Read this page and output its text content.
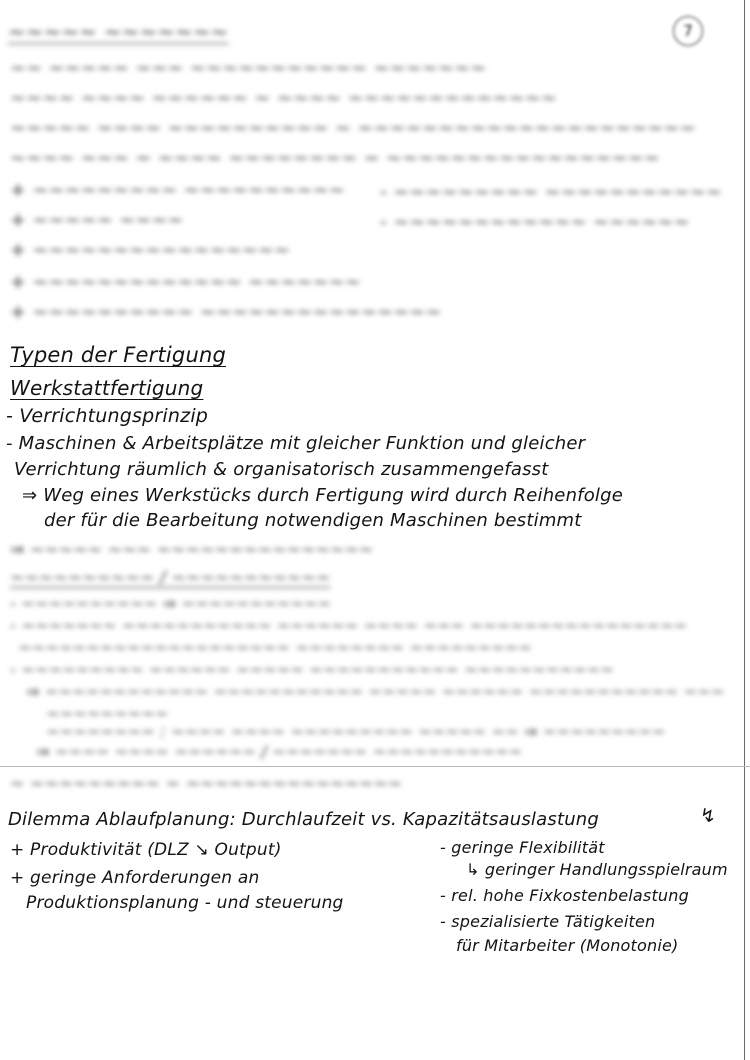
7
~~~~~ ~~~~~~~
~~ ~~~~~ ~~~ ~~~~~~~~~~~ ~~~~~~~
~~~~ ~~~~ ~~~~~~ ~ ~~~~ ~~~~~~~~~~~~~
~~~~~ ~~~~ ~~~~~~~~~~ ~ ~~~~~~~~~~~~~~~~~~~~~
~~~~ ~~~ ~ ~~~~ ~~~~~~~~ ~ ~~~~~~~~~~~~~~~~~
+ ~~~~~~~~~ ~~~~~~~~~~ - ~~~~~~~~~ ~~~~~~~~~~~
+ ~~~~~ ~~~~	- ~~~~~~~~~~~~ ~~~~~~
+ ~~~~~~~~~~~~~~~~
+ ~~~~~~~~~~~~~ ~~~~~~~
+ ~~~~~~~~~~ ~~~~~~~~~~~~~~~
Typen der Fertigung
Werkstattfertigung
- Verrichtungsprinzip
- Maschinen & Arbeitsplätze mit gleicher Funktion und gleicher
Verrichtung räumlich & organisatorisch zusammengefasst
⇒ Weg eines Werkstücks durch Fertigung wird durch Reihenfolge
der für die Bearbeitung notwendigen Maschinen bestimmt
⇒ ~~~~~ ~~~ ~~~~~~~~~~~~~~~
~~~~~~~~~~ / ~~~~~~~~~~~
- ~~~~~~~~~~ ⇒ ~~~~~~~~~~~
- ~~~~~~~ ~~~~~~~~~~~ ~~~~~~ ~~~~ ~~~ ~~~~~~~~~~~~~~~~
~~~~~~~~~~~~~~~~~~~~ ~~~~~~~~ ~~~~~~~~~
- ~~~~~~~~~ ~~~~~~ ~~~~~ ~~~~~~~~~~~ ~~~~~~~~~~~
⇒ ~~~~~~~~~~~~ ~~~~~~~~~~~ ~~~~~ ~~~~~~ ~~~~~~~~~~~ ~~~
~~~~~~~~~
~~~~~~~~ : ~~~~ ~~~~ ~~~~~~~~~ ~~~~~ ~~ ⇒ ~~~~~~~~~
⇒ ~~~~ ~~~~ ~~~~~~ / ~~~~~~~ ~~~~~~~~~~~
~ ~~~~~~~~~ ~ ~~~~~~~~~~~~~~~
Dilemma Ablaufplanung: Durchlaufzeit vs. Kapazitätsauslastung	↯
+ Produktivität (DLZ ↘ Output)
+ geringe Anforderungen an
Produktionsplanung - und steuerung
- geringe Flexibilität
↳ geringer Handlungsspielraum
- rel. hohe Fixkostenbelastung
- spezialisierte Tätigkeiten
für Mitarbeiter (Monotonie)
